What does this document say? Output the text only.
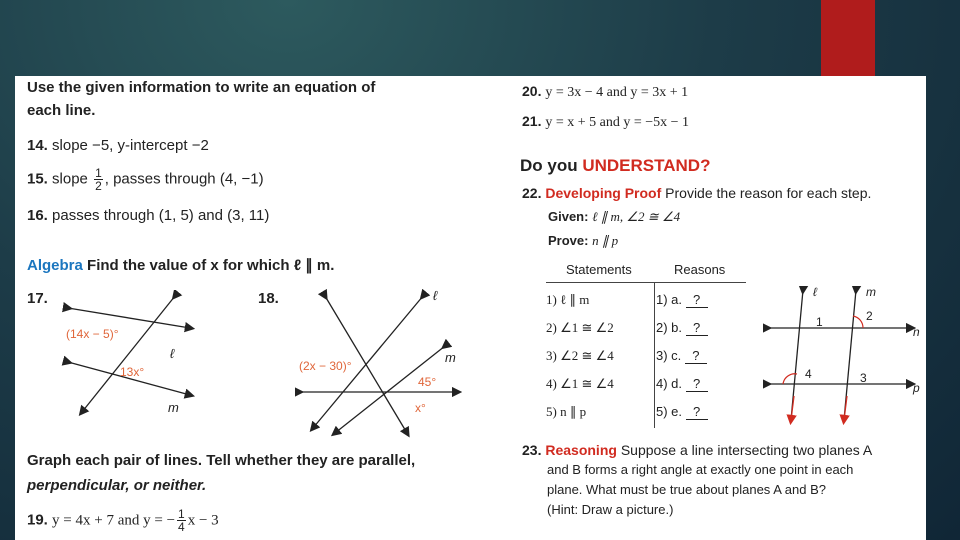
Use the given information to write an equation of
each line.
14. slope −5, y-intercept −2
15. slope $\frac{1}{2}$ , passes through (4, −1)
16. passes through (1, 5) and (3, 11)
Algebra Find the value of x for which ℓ ∥ m.
17.
(14x − 5)°
13x°
ℓ
m
18.
(2x − 30)°
45°
x°
ℓ
m
Graph each pair of lines. Tell whether they are parallel,
perpendicular, or neither.
19. y = 4x + 7 and y = − $\frac{1}{4}$ x − 3
20. y = 3x − 4 and y = 3x + 1
21. y = x + 5 and y = −5x − 1
Do you UNDERSTAND?
22. Developing Proof Provide the reason for each step.
Given: ℓ ∥ m, ∠2 ≅ ∠4
Prove: n ∥ p
Statements	Reasons
1) ℓ ∥ m	1) a. ?
2) ∠1 ≅ ∠2	2) b. ?
3) ∠2 ≅ ∠4	3) c. ?
4) ∠1 ≅ ∠4	4) d. ?
5) n ∥ p	5) e. ?
ℓ	m
n
p
1	2
3
4
23. Reasoning Suppose a line intersecting two planes A
and B forms a right angle at exactly one point in each
plane. What must be true about planes A and B?
(Hint: Draw a picture.)
